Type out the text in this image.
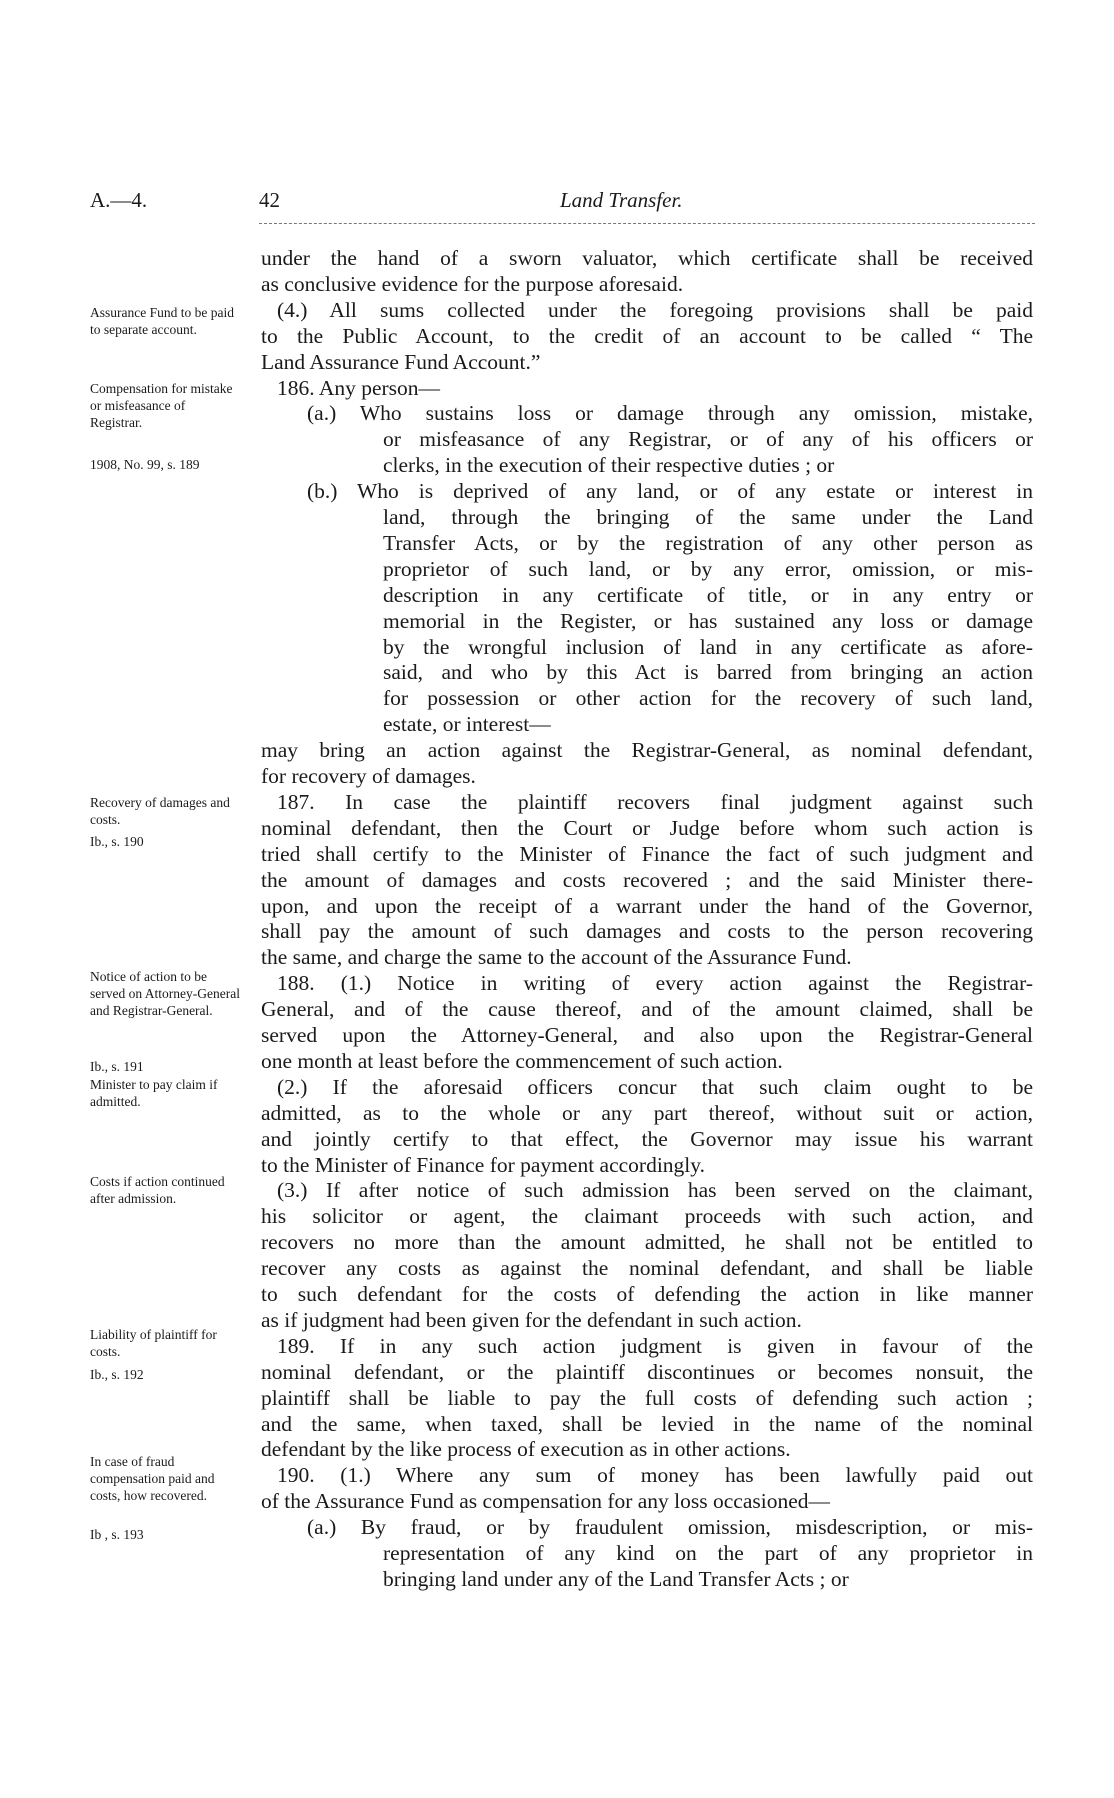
A.—4.	42	Land Transfer.
Assurance Fund to be paid to separate account.
Compensation for mistake or misfeasance of Registrar.
1908, No. 99, s. 189
Recovery of damages and costs.
Ib., s. 190
Notice of action to be served on Attorney-General and Registrar-General.
Ib., s. 191
Minister to pay claim if admitted.
Costs if action continued after admission.
Liability of plaintiff for costs.
Ib., s. 192
In case of fraud compensation paid and costs, how recovered.
Ib , s. 193
under the hand of a sworn valuator, which certificate shall be received
as conclusive evidence for the purpose aforesaid.
(4.) All sums collected under the foregoing provisions shall be paid
to the Public Account, to the credit of an account to be called “ The
Land Assurance Fund Account.”
186. Any person—
(a.) Who sustains loss or damage through any omission, mistake,
or misfeasance of any Registrar, or of any of his officers or
clerks, in the execution of their respective duties ; or
(b.) Who is deprived of any land, or of any estate or interest in
land, through the bringing of the same under the Land
Transfer Acts, or by the registration of any other person as
proprietor of such land, or by any error, omission, or mis-
description in any certificate of title, or in any entry or
memorial in the Register, or has sustained any loss or damage
by the wrongful inclusion of land in any certificate as afore-
said, and who by this Act is barred from bringing an action
for possession or other action for the recovery of such land,
estate, or interest—
may bring an action against the Registrar-General, as nominal defendant,
for recovery of damages.
187. In case the plaintiff recovers final judgment against such
nominal defendant, then the Court or Judge before whom such action is
tried shall certify to the Minister of Finance the fact of such judgment and
the amount of damages and costs recovered ; and the said Minister there-
upon, and upon the receipt of a warrant under the hand of the Governor,
shall pay the amount of such damages and costs to the person recovering
the same, and charge the same to the account of the Assurance Fund.
188. (1.) Notice in writing of every action against the Registrar-
General, and of the cause thereof, and of the amount claimed, shall be
served upon the Attorney-General, and also upon the Registrar-General
one month at least before the commencement of such action.
(2.) If the aforesaid officers concur that such claim ought to be
admitted, as to the whole or any part thereof, without suit or action,
and jointly certify to that effect, the Governor may issue his warrant
to the Minister of Finance for payment accordingly.
(3.) If after notice of such admission has been served on the claimant,
his solicitor or agent, the claimant proceeds with such action, and
recovers no more than the amount admitted, he shall not be entitled to
recover any costs as against the nominal defendant, and shall be liable
to such defendant for the costs of defending the action in like manner
as if judgment had been given for the defendant in such action.
189. If in any such action judgment is given in favour of the
nominal defendant, or the plaintiff discontinues or becomes nonsuit, the
plaintiff shall be liable to pay the full costs of defending such action ;
and the same, when taxed, shall be levied in the name of the nominal
defendant by the like process of execution as in other actions.
190. (1.) Where any sum of money has been lawfully paid out
of the Assurance Fund as compensation for any loss occasioned—
(a.) By fraud, or by fraudulent omission, misdescription, or mis-
representation of any kind on the part of any proprietor in
bringing land under any of the Land Transfer Acts ; or
